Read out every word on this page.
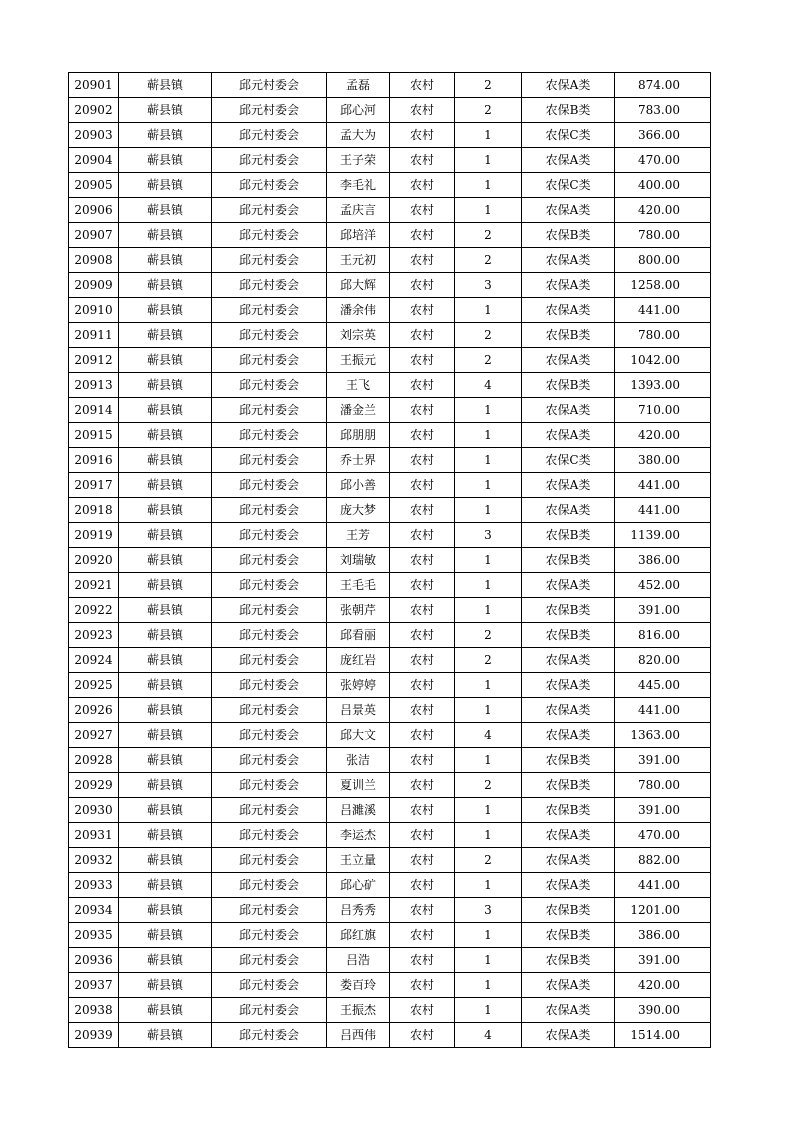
20901	蕲县镇	邱元村委会	孟磊	农村	2	农保A类	874.00
20902	蕲县镇	邱元村委会	邱心河	农村	2	农保B类	783.00
20903	蕲县镇	邱元村委会	孟大为	农村	1	农保C类	366.00
20904	蕲县镇	邱元村委会	王子荣	农村	1	农保A类	470.00
20905	蕲县镇	邱元村委会	李毛礼	农村	1	农保C类	400.00
20906	蕲县镇	邱元村委会	孟庆言	农村	1	农保A类	420.00
20907	蕲县镇	邱元村委会	邱培洋	农村	2	农保B类	780.00
20908	蕲县镇	邱元村委会	王元初	农村	2	农保A类	800.00
20909	蕲县镇	邱元村委会	邱大辉	农村	3	农保A类	1258.00
20910	蕲县镇	邱元村委会	潘余伟	农村	1	农保A类	441.00
20911	蕲县镇	邱元村委会	刘宗英	农村	2	农保B类	780.00
20912	蕲县镇	邱元村委会	王振元	农村	2	农保A类	1042.00
20913	蕲县镇	邱元村委会	王飞	农村	4	农保B类	1393.00
20914	蕲县镇	邱元村委会	潘金兰	农村	1	农保A类	710.00
20915	蕲县镇	邱元村委会	邱朋朋	农村	1	农保A类	420.00
20916	蕲县镇	邱元村委会	乔士界	农村	1	农保C类	380.00
20917	蕲县镇	邱元村委会	邱小善	农村	1	农保A类	441.00
20918	蕲县镇	邱元村委会	庞大梦	农村	1	农保A类	441.00
20919	蕲县镇	邱元村委会	王芳	农村	3	农保B类	1139.00
20920	蕲县镇	邱元村委会	刘瑞敏	农村	1	农保B类	386.00
20921	蕲县镇	邱元村委会	王毛毛	农村	1	农保A类	452.00
20922	蕲县镇	邱元村委会	张朝芹	农村	1	农保B类	391.00
20923	蕲县镇	邱元村委会	邱看丽	农村	2	农保B类	816.00
20924	蕲县镇	邱元村委会	庞红岩	农村	2	农保A类	820.00
20925	蕲县镇	邱元村委会	张婷婷	农村	1	农保A类	445.00
20926	蕲县镇	邱元村委会	吕景英	农村	1	农保A类	441.00
20927	蕲县镇	邱元村委会	邱大文	农村	4	农保A类	1363.00
20928	蕲县镇	邱元村委会	张洁	农村	1	农保B类	391.00
20929	蕲县镇	邱元村委会	夏训兰	农村	2	农保B类	780.00
20930	蕲县镇	邱元村委会	吕濉溪	农村	1	农保B类	391.00
20931	蕲县镇	邱元村委会	李运杰	农村	1	农保A类	470.00
20932	蕲县镇	邱元村委会	王立量	农村	2	农保A类	882.00
20933	蕲县镇	邱元村委会	邱心矿	农村	1	农保A类	441.00
20934	蕲县镇	邱元村委会	吕秀秀	农村	3	农保B类	1201.00
20935	蕲县镇	邱元村委会	邱红旗	农村	1	农保B类	386.00
20936	蕲县镇	邱元村委会	吕浩	农村	1	农保B类	391.00
20937	蕲县镇	邱元村委会	娄百玲	农村	1	农保A类	420.00
20938	蕲县镇	邱元村委会	王振杰	农村	1	农保A类	390.00
20939	蕲县镇	邱元村委会	吕西伟	农村	4	农保A类	1514.00
